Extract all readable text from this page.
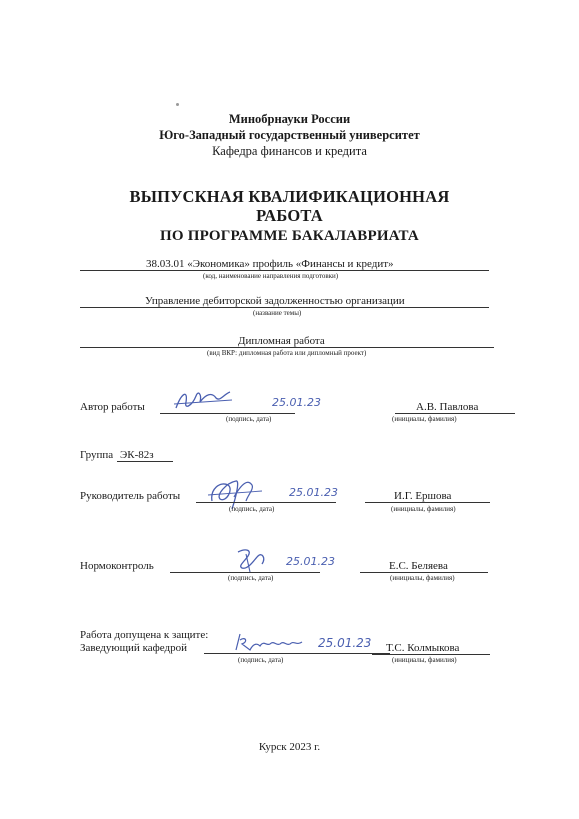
Минобрнауки России
Юго-Западный государственный университет
Кафедра финансов и кредита
ВЫПУСКНАЯ КВАЛИФИКАЦИОННАЯ
РАБОТА
ПО ПРОГРАММЕ БАКАЛАВРИАТА
38.03.01 «Экономика» профиль «Финансы и кредит»
(код, наименование направления подготовки)
Управление дебиторской задолженностью организации
(название темы)
Дипломная работа
(вид ВКР: дипломная работа или дипломный проект)
Автор работы	25.01.23
(подпись, дата)
А.В. Павлова
(инициалы, фамилия)
Группа ЭК-82з
Руководитель работы	25.01.23
(подпись, дата)
И.Г. Ершова
(инициалы, фамилия)
Нормоконтроль	25.01.23
(подпись, дата)
Е.С. Беляева
(инициалы, фамилия)
Работа допущена к защите:
Заведующий кафедрой	25.01.23
(подпись, дата)
Т.С. Колмыкова
(инициалы, фамилия)
Курск 2023 г.
